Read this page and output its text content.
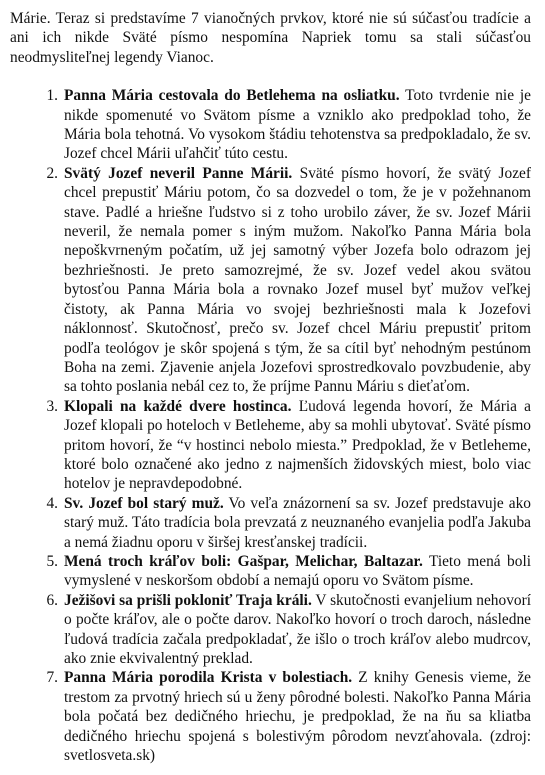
Márie. Teraz si predstavíme 7 vianočných prvkov, ktoré nie sú súčasťou tradície a ani ich nikde Sväté písmo nespomína Napriek tomu sa stali súčasťou neodmysliteľnej legendy Vianoc.

1. Panna Mária cestovala do Betlehema na osliatku. Toto tvrdenie nie je nikde spomenuté vo Svätom písme a vzniklo ako predpoklad toho, že Mária bola tehotná. Vo vysokom štádiu tehotenstva sa predpokladalo, že sv. Jozef chcel Márii uľahčiť túto cestu.
2. Svätý Jozef neveril Panne Márii. Sväté písmo hovorí, že svätý Jozef chcel prepustiť Máriu potom, čo sa dozvedel o tom, že je v požehnanom stave. Padlé a hriešne ľudstvo si z toho urobilo záver, že sv. Jozef Márii neveril, že nemala pomer s iným mužom. Nakoľko Panna Mária bola nepoškvrneným počatím, už jej samotný výber Jozefa bolo odrazom jej bezhriešnosti. Je preto samozrejmé, že sv. Jozef vedel akou svätou bytosťou Panna Mária bola a rovnako Jozef musel byť mužov veľkej čistoty, ak Panna Mária vo svojej bezhriešnosti mala k Jozefovi náklonnosť. Skutočnosť, prečo sv. Jozef chcel Máriu prepustiť pritom podľa teológov je skôr spojená s tým, že sa cítil byť nehodným pestúnom Boha na zemi. Zjavenie anjela Jozefovi sprostredkovalo povzbudenie, aby sa tohto poslania nebál cez to, že príjme Pannu Máriu s dieťaťom.
3. Klopali na každé dvere hostinca. Ľudová legenda hovorí, že Mária a Jozef klopali po hoteloch v Betleheme, aby sa mohli ubytovať. Sväté písmo pritom hovorí, že “v hostinci nebolo miesta.” Predpoklad, že v Betleheme, ktoré bolo označené ako jedno z najmenších židovských miest, bolo viac hotelov je nepravdepodobné.
4. Sv. Jozef bol starý muž. Vo veľa znázornení sa sv. Jozef predstavuje ako starý muž. Táto tradícia bola prevzatá z neuznaného evanjelia podľa Jakuba a nemá žiadnu oporu v širšej kresťanskej tradícii.
5. Mená troch kráľov boli: Gašpar, Melichar, Baltazar. Tieto mená boli vymyslené v neskoršom období a nemajú oporu vo Svätom písme.
6. Ježišovi sa prišli pokloniť Traja králi. V skutočnosti evanjelium nehovorí o počte kráľov, ale o počte darov. Nakoľko hovorí o troch daroch, následne ľudová tradícia začala predpokladať, že išlo o troch kráľov alebo mudrcov, ako znie ekvivalentný preklad.
7. Panna Mária porodila Krista v bolestiach. Z knihy Genesis vieme, že trestom za prvotný hriech sú u ženy pôrodné bolesti. Nakoľko Panna Mária bola počatá bez dedičného hriechu, je predpoklad, že na ňu sa kliatba dedičného hriechu spojená s bolestivým pôrodom nevzťahovala. (zdroj: svetlosveta.sk)
